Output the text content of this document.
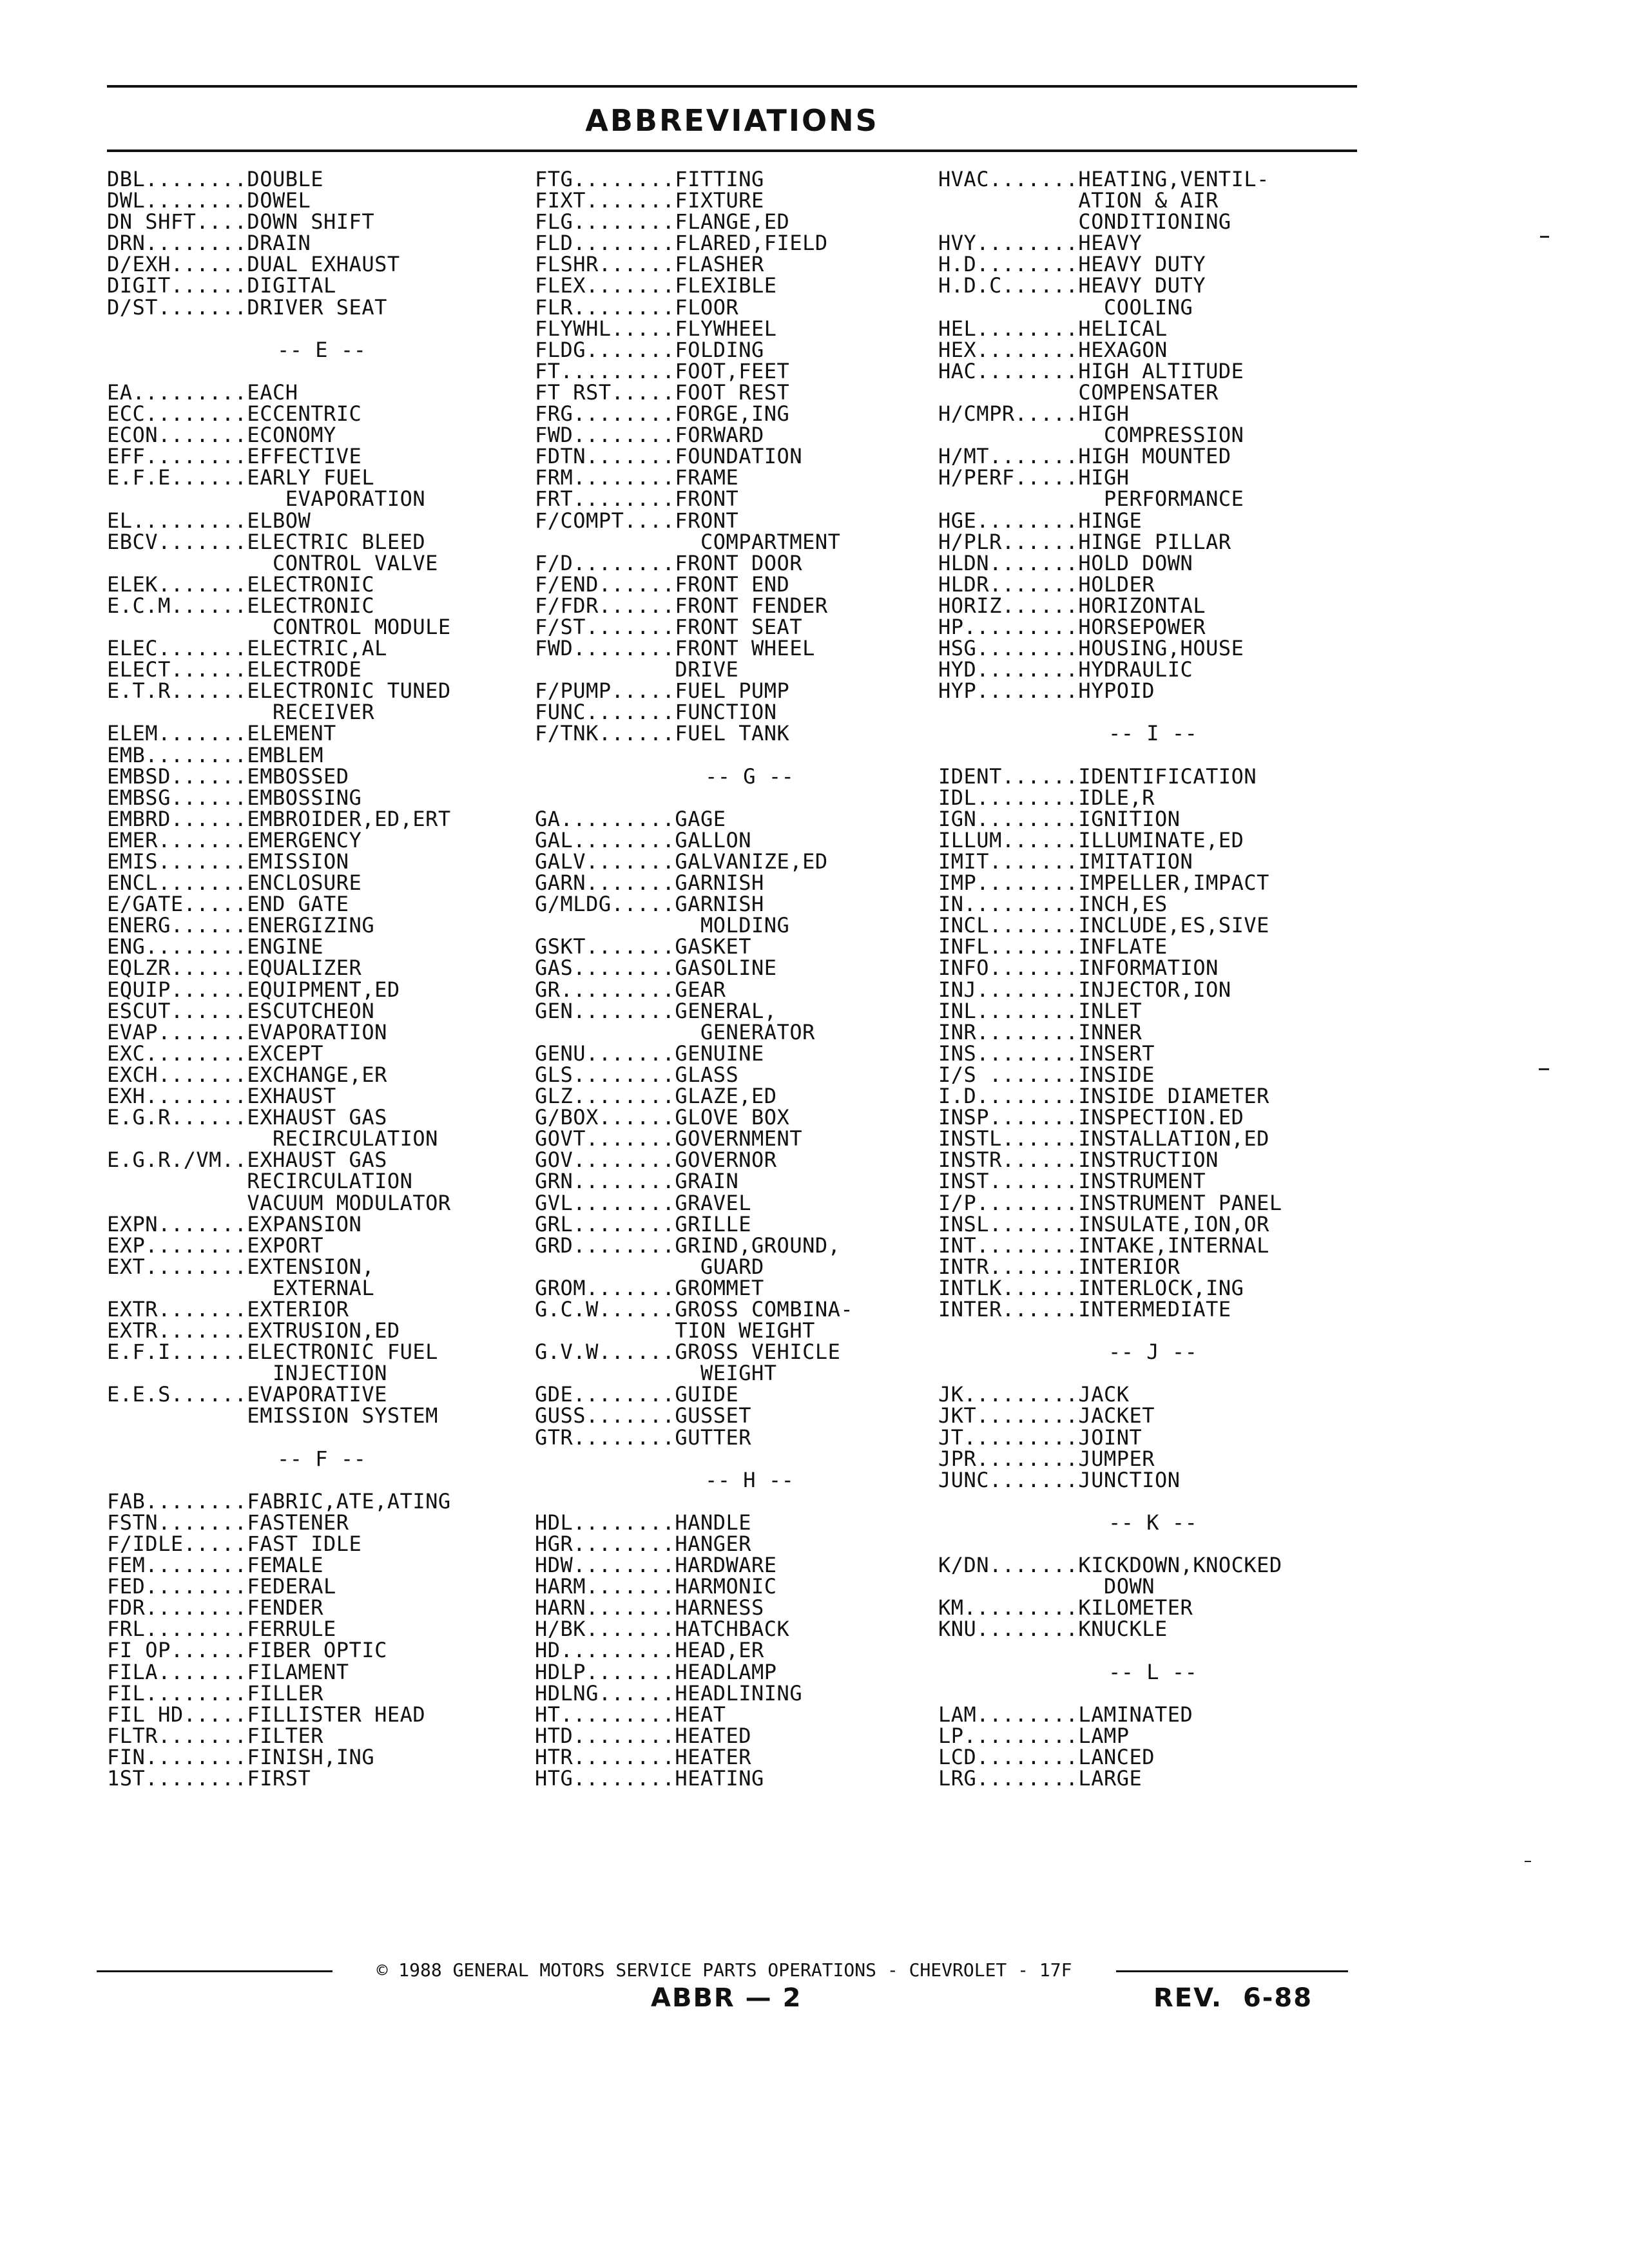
ABBREVIATIONS
DBL........DOUBLE
DWL........DOWEL
DN SHFT....DOWN SHIFT
DRN........DRAIN
D/EXH......DUAL EXHAUST
DIGIT......DIGITAL
D/ST.......DRIVER SEAT
-- E --
EA.........EACH
ECC........ECCENTRIC
ECON.......ECONOMY
EFF........EFFECTIVE
E.F.E......EARLY FUEL
EVAPORATION
EL.........ELBOW
EBCV.......ELECTRIC BLEED
CONTROL VALVE
ELEK.......ELECTRONIC
E.C.M......ELECTRONIC
CONTROL MODULE
ELEC.......ELECTRIC,AL
ELECT......ELECTRODE
E.T.R......ELECTRONIC TUNED
RECEIVER
ELEM.......ELEMENT
EMB........EMBLEM
EMBSD......EMBOSSED
EMBSG......EMBOSSING
EMBRD......EMBROIDER,ED,ERT
EMER.......EMERGENCY
EMIS.......EMISSION
ENCL.......ENCLOSURE
E/GATE.....END GATE
ENERG......ENERGIZING
ENG........ENGINE
EQLZR......EQUALIZER
EQUIP......EQUIPMENT,ED
ESCUT......ESCUTCHEON
EVAP.......EVAPORATION
EXC........EXCEPT
EXCH.......EXCHANGE,ER
EXH........EXHAUST
E.G.R......EXHAUST GAS
RECIRCULATION
E.G.R./VM..EXHAUST GAS
RECIRCULATION
VACUUM MODULATOR
EXPN.......EXPANSION
EXP........EXPORT
EXT........EXTENSION,
EXTERNAL
EXTR.......EXTERIOR
EXTR.......EXTRUSION,ED
E.F.I......ELECTRONIC FUEL
INJECTION
E.E.S......EVAPORATIVE
EMISSION SYSTEM
-- F --
FAB........FABRIC,ATE,ATING
FSTN.......FASTENER
F/IDLE.....FAST IDLE
FEM........FEMALE
FED........FEDERAL
FDR........FENDER
FRL........FERRULE
FI OP......FIBER OPTIC
FILA.......FILAMENT
FIL........FILLER
FIL HD.....FILLISTER HEAD
FLTR.......FILTER
FIN........FINISH,ING
1ST........FIRST
FTG........FITTING
FIXT.......FIXTURE
FLG........FLANGE,ED
FLD........FLARED,FIELD
FLSHR......FLASHER
FLEX.......FLEXIBLE
FLR........FLOOR
FLYWHL.....FLYWHEEL
FLDG.......FOLDING
FT.........FOOT,FEET
FT RST.....FOOT REST
FRG........FORGE,ING
FWD........FORWARD
FDTN.......FOUNDATION
FRM........FRAME
FRT........FRONT
F/COMPT....FRONT
COMPARTMENT
F/D........FRONT DOOR
F/END......FRONT END
F/FDR......FRONT FENDER
F/ST.......FRONT SEAT
FWD........FRONT WHEEL
DRIVE
F/PUMP.....FUEL PUMP
FUNC.......FUNCTION
F/TNK......FUEL TANK
-- G --
GA.........GAGE
GAL........GALLON
GALV.......GALVANIZE,ED
GARN.......GARNISH
G/MLDG.....GARNISH
MOLDING
GSKT.......GASKET
GAS........GASOLINE
GR.........GEAR
GEN........GENERAL,
GENERATOR
GENU.......GENUINE
GLS........GLASS
GLZ........GLAZE,ED
G/BOX......GLOVE BOX
GOVT.......GOVERNMENT
GOV........GOVERNOR
GRN........GRAIN
GVL........GRAVEL
GRL........GRILLE
GRD........GRIND,GROUND,
GUARD
GROM.......GROMMET
G.C.W......GROSS COMBINA-
TION WEIGHT
G.V.W......GROSS VEHICLE
WEIGHT
GDE........GUIDE
GUSS.......GUSSET
GTR........GUTTER
-- H --
HDL........HANDLE
HGR........HANGER
HDW........HARDWARE
HARM.......HARMONIC
HARN.......HARNESS
H/BK.......HATCHBACK
HD.........HEAD,ER
HDLP.......HEADLAMP
HDLNG......HEADLINING
HT.........HEAT
HTD........HEATED
HTR........HEATER
HTG........HEATING
HVAC.......HEATING,VENTIL-
ATION & AIR
CONDITIONING
HVY........HEAVY
H.D........HEAVY DUTY
H.D.C......HEAVY DUTY
COOLING
HEL........HELICAL
HEX........HEXAGON
HAC........HIGH ALTITUDE
COMPENSATER
H/CMPR.....HIGH
COMPRESSION
H/MT.......HIGH MOUNTED
H/PERF.....HIGH
PERFORMANCE
HGE........HINGE
H/PLR......HINGE PILLAR
HLDN.......HOLD DOWN
HLDR.......HOLDER
HORIZ......HORIZONTAL
HP.........HORSEPOWER
HSG........HOUSING,HOUSE
HYD........HYDRAULIC
HYP........HYPOID
-- I --
IDENT......IDENTIFICATION
IDL........IDLE,R
IGN........IGNITION
ILLUM......ILLUMINATE,ED
IMIT.......IMITATION
IMP........IMPELLER,IMPACT
IN.........INCH,ES
INCL.......INCLUDE,ES,SIVE
INFL.......INFLATE
INFO.......INFORMATION
INJ........INJECTOR,ION
INL........INLET
INR........INNER
INS........INSERT
I/S .......INSIDE
I.D........INSIDE DIAMETER
INSP.......INSPECTION.ED
INSTL......INSTALLATION,ED
INSTR......INSTRUCTION
INST.......INSTRUMENT
I/P........INSTRUMENT PANEL
INSL.......INSULATE,ION,OR
INT........INTAKE,INTERNAL
INTR.......INTERIOR
INTLK......INTERLOCK,ING
INTER......INTERMEDIATE
-- J --
JK.........JACK
JKT........JACKET
JT.........JOINT
JPR........JUMPER
JUNC.......JUNCTION
-- K --
K/DN.......KICKDOWN,KNOCKED
DOWN
KM.........KILOMETER
KNU........KNUCKLE
-- L --
LAM........LAMINATED
LP.........LAMP
LCD........LANCED
LRG........LARGE
© 1988 GENERAL MOTORS SERVICE PARTS OPERATIONS - CHEVROLET - 17F
ABBR — 2	REV.  6-88
